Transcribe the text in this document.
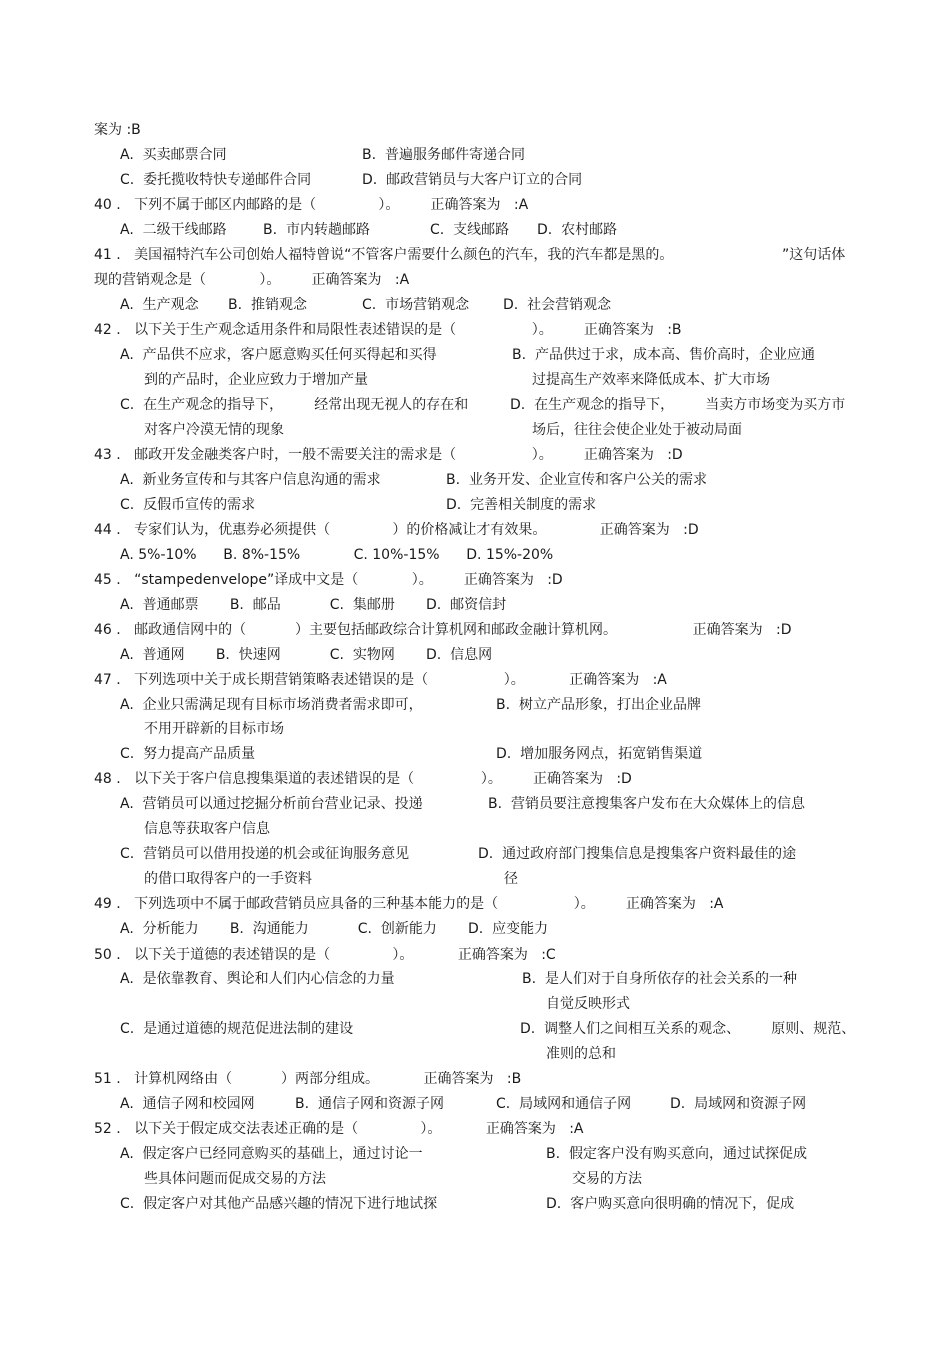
案为 :B
A.  买卖邮票合同	B.  普遍服务邮件寄递合同
C.  委托揽收特快专递邮件合同	D.  邮政营销员与大客户订立的合同
40 .   下列不属于邮区内邮路的是（              ）。       正确答案为   :A
A.  二级干线邮路	B.  市内转趟邮路	C.  支线邮路 D.  农村邮路
41 .   美国福特汽车公司创始人福特曾说“不管客户需要什么颜色的汽车，我的汽车都是黑的。	”这句话体
现的营销观念是（            ）。       正确答案为   :A
A.  生产观念 B.  推销观念	C.  市场营销观念 D.  社会营销观念
42 .   以下关于生产观念适用条件和局限性表述错误的是（                 ）。       正确答案为   :B
A.  产品供不应求，客户愿意购买任何买得起和买得	B.  产品供过于求，成本高、售价高时，企业应通
到的产品时，企业应致力于增加产量	过提高生产效率来降低成本、扩大市场
C.  在生产观念的指导下，       经常出现无视人的存在和	D.  在生产观念的指导下，       当卖方市场变为买方市
对客户冷漠无情的现象	场后，往往会使企业处于被动局面
43 .   邮政开发金融类客户时，一般不需要关注的需求是（                 ）。       正确答案为   :D
A.  新业务宣传和与其客户信息沟通的需求	B.  业务开发、企业宣传和客户公关的需求
C.  反假币宣传的需求	D.  完善相关制度的需求
44 .   专家们认为，优惠券必须提供（              ）的价格减让才有效果。            正确答案为   :D
A. 5%-10%      B. 8%-15%            C. 10%-15%      D. 15%-20%
45 .   “stampedenvelope”译成中文是（            ）。       正确答案为   :D
A.  普通邮票       B.  邮品           C.  集邮册       D.  邮资信封
46 .   邮政通信网中的（           ）主要包括邮政综合计算机网和邮政金融计算机网。                 正确答案为   :D
A.  普通网       B.  快速网           C.  实物网       D.  信息网
47 .   下列选项中关于成长期营销策略表述错误的是（                 ）。          正确答案为   :A
A.  企业只需满足现有目标市场消费者需求即可，	B.  树立产品形象，打出企业品牌
不用开辟新的目标市场
C.  努力提高产品质量	D.  增加服务网点，拓宽销售渠道
48 .   以下关于客户信息搜集渠道的表述错误的是（               ）。       正确答案为   :D
A.  营销员可以通过挖掘分析前台营业记录、投递	B.  营销员要注意搜集客户发布在大众媒体上的信息
信息等获取客户信息
C.  营销员可以借用投递的机会或征询服务意见	D.  通过政府部门搜集信息是搜集客户资料最佳的途
的借口取得客户的一手资料	径
49 .   下列选项中不属于邮政营销员应具备的三种基本能力的是（                 ）。       正确答案为   :A
A.  分析能力       B.  沟通能力           C.  创新能力       D.  应变能力
50 .   以下关于道德的表述错误的是（              ）。          正确答案为   :C
A.  是依靠教育、舆论和人们内心信念的力量	B.  是人们对于自身所依存的社会关系的一种
自觉反映形式
C.  是通过道德的规范促进法制的建设	D.  调整人们之间相互关系的观念、       原则、规范、
准则的总和
51 .   计算机网络由（           ）两部分组成。          正确答案为   :B
A.  通信子网和校园网	B.  通信子网和资源子网	C.  局域网和通信子网	D.  局域网和资源子网
52 .   以下关于假定成交法表述正确的是（              ）。          正确答案为   :A
A.  假定客户已经同意购买的基础上，通过讨论一	B.  假定客户没有购买意向，通过试探促成
些具体问题而促成交易的方法	交易的方法
C.  假定客户对其他产品感兴趣的情况下进行地试探	D.  客户购买意向很明确的情况下，促成
